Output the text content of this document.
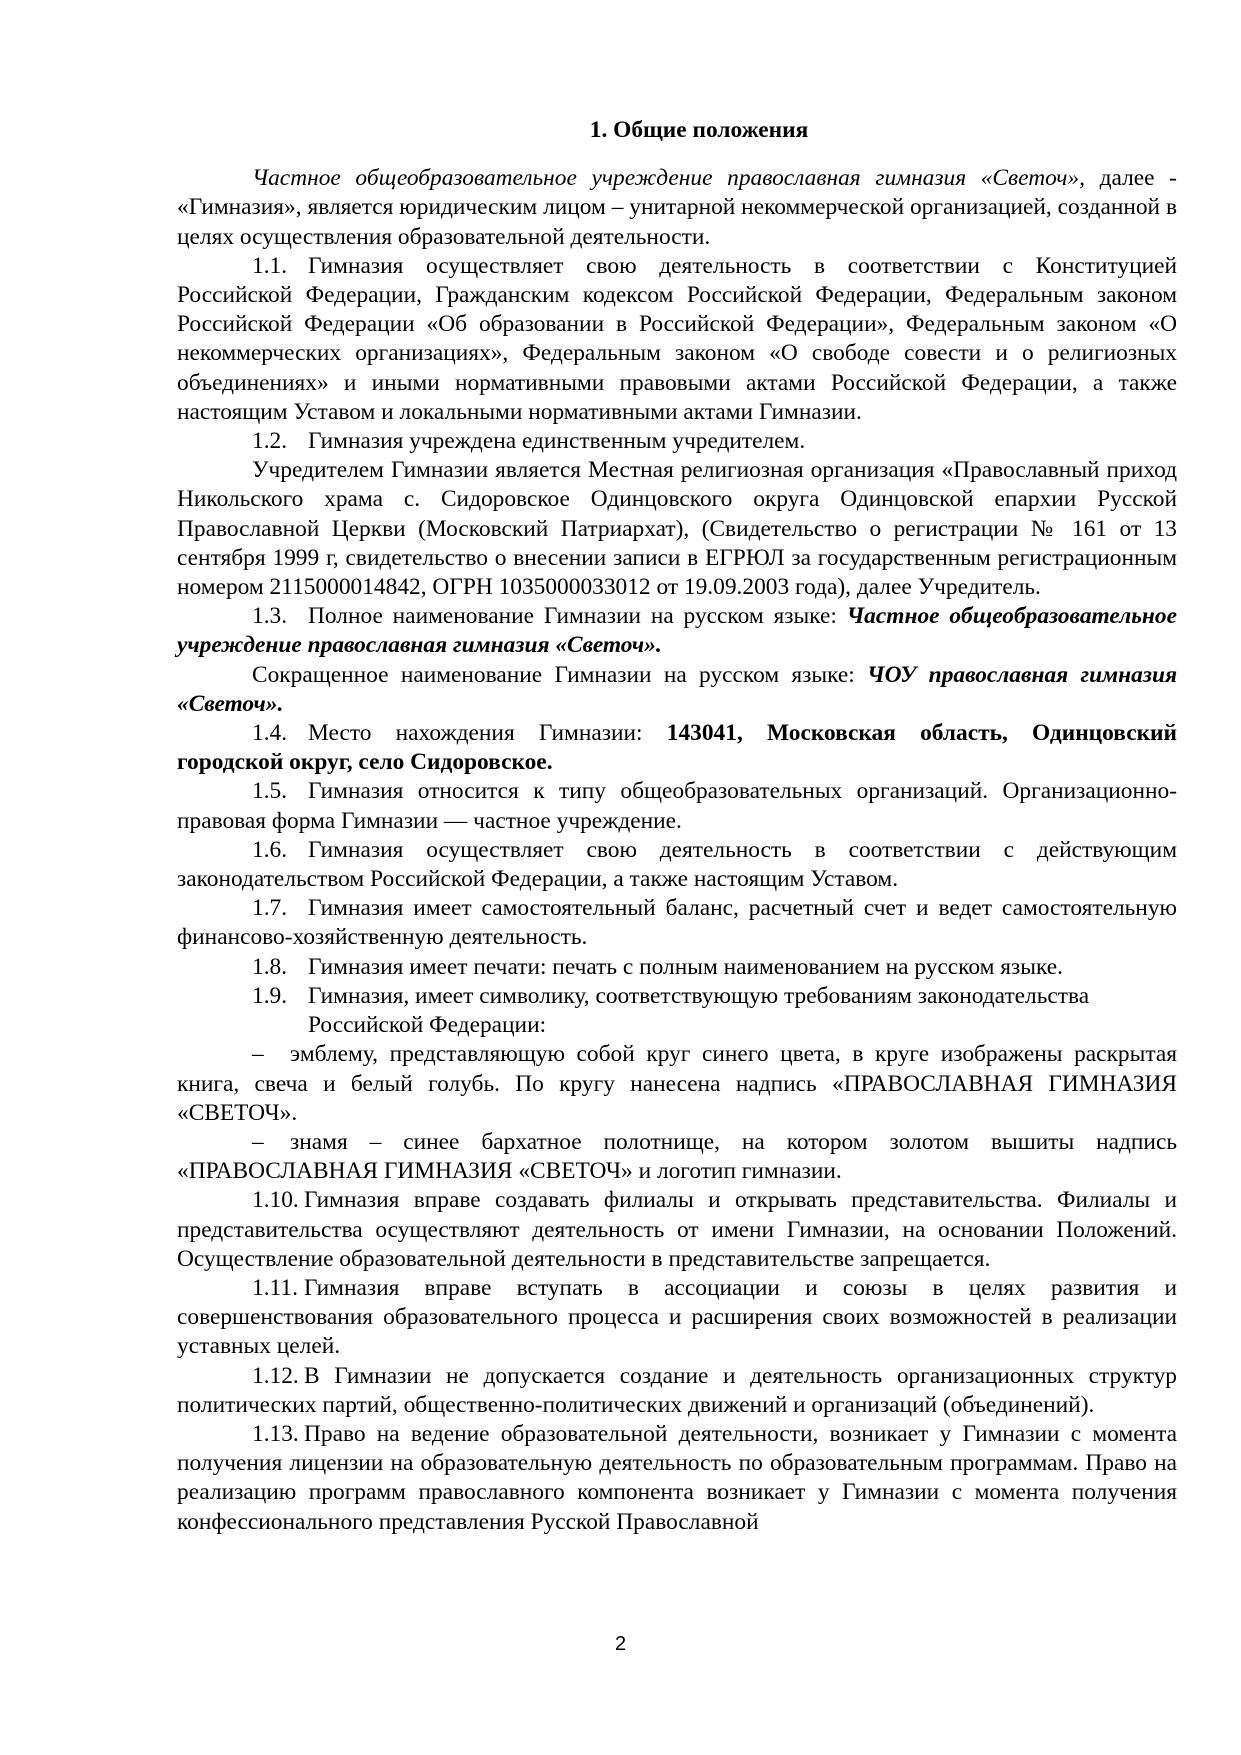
1. Общие положения

Частное общеобразовательное учреждение православная гимназия «Светоч», далее - «Гимназия», является юридическим лицом – унитарной некоммерческой организацией, созданной в целях осуществления образовательной деятельности.

1.1. Гимназия осуществляет свою деятельность в соответствии с Конституцией Российской Федерации, Гражданским кодексом Российской Федерации, Федеральным законом Российской Федерации «Об образовании в Российской Федерации», Федеральным законом «О некоммерческих организациях», Федеральным законом «О свободе совести и о религиозных объединениях» и иными нормативными правовыми актами Российской Федерации, а также настоящим Уставом и локальными нормативными актами Гимназии.

1.2. Гимназия учреждена единственным учредителем.

Учредителем Гимназии является Местная религиозная организация «Православный приход Никольского храма с. Сидоровское Одинцовского округа Одинцовской епархии Русской Православной Церкви (Московский Патриархат), (Свидетельство о регистрации № 161 от 13 сентября 1999 г, свидетельство о внесении записи в ЕГРЮЛ за государственным регистрационным номером 2115000014842, ОГРН 1035000033012 от 19.09.2003 года), далее Учредитель.

1.3. Полное наименование Гимназии на русском языке: Частное общеобразовательное учреждение православная гимназия «Светоч».

Сокращенное наименование Гимназии на русском языке: ЧОУ православная гимназия «Светоч».

1.4. Место нахождения Гимназии: 143041, Московская область, Одинцовский городской округ, село Сидоровское.

1.5. Гимназия относится к типу общеобразовательных организаций. Организационно-правовая форма Гимназии — частное учреждение.

1.6. Гимназия осуществляет свою деятельность в соответствии с действующим законодательством Российской Федерации, а также настоящим Уставом.

1.7. Гимназия имеет самостоятельный баланс, расчетный счет и ведет самостоятельную финансово-хозяйственную деятельность.

1.8. Гимназия имеет печати: печать с полным наименованием на русском языке.

1.9. Гимназия, имеет символику, соответствующую требованиям законодательства
Российской Федерации:

– эмблему, представляющую собой круг синего цвета, в круге изображены раскрытая книга, свеча и белый голубь. По кругу нанесена надпись «ПРАВОСЛАВНАЯ ГИМНАЗИЯ «СВЕТОЧ».

– знамя – синее бархатное полотнище, на котором золотом вышиты надпись «ПРАВОСЛАВНАЯ ГИМНАЗИЯ «СВЕТОЧ» и логотип гимназии.

1.10. Гимназия вправе создавать филиалы и открывать представительства. Филиалы и представительства осуществляют деятельность от имени Гимназии, на основании Положений. Осуществление образовательной деятельности в представительстве запрещается.

1.11. Гимназия вправе вступать в ассоциации и союзы в целях развития и совершенствования образовательного процесса и расширения своих возможностей в реализации уставных целей.

1.12. В Гимназии не допускается создание и деятельность организационных структур политических партий, общественно-политических движений и организаций (объединений).

1.13. Право на ведение образовательной деятельности, возникает у Гимназии с момента получения лицензии на образовательную деятельность по образовательным программам. Право на реализацию программ православного компонента возникает у Гимназии с момента получения конфессионального представления Русской Православной

2
